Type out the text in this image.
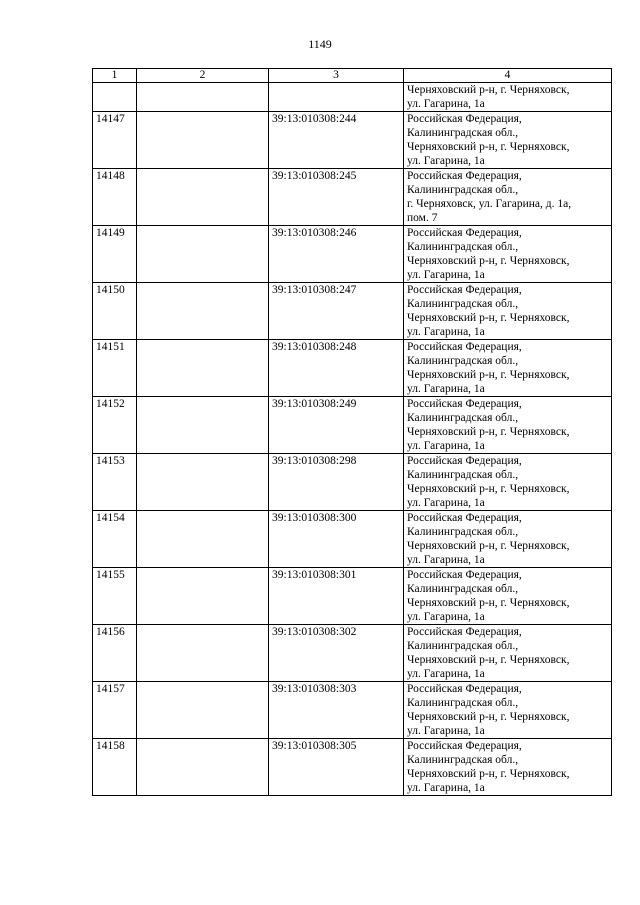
1149
1	2	3	4

			Черняховский р-н, г. Черняховск,
ул. Гагарина, 1а

14147		39:13:010308:244	Российская Федерация,
Калининградская обл.,
Черняховский р-н, г. Черняховск,
ул. Гагарина, 1а

14148		39:13:010308:245	Российская Федерация,
Калининградская обл.,
г. Черняховск, ул. Гагарина, д. 1а,
пом. 7

14149		39:13:010308:246	Российская Федерация,
Калининградская обл.,
Черняховский р-н, г. Черняховск,
ул. Гагарина, 1а

14150		39:13:010308:247	Российская Федерация,
Калининградская обл.,
Черняховский р-н, г. Черняховск,
ул. Гагарина, 1а

14151		39:13:010308:248	Российская Федерация,
Калининградская обл.,
Черняховский р-н, г. Черняховск,
ул. Гагарина, 1а

14152		39:13:010308:249	Российская Федерация,
Калининградская обл.,
Черняховский р-н, г. Черняховск,
ул. Гагарина, 1а

14153		39:13:010308:298	Российская Федерация,
Калининградская обл.,
Черняховский р-н, г. Черняховск,
ул. Гагарина, 1а

14154		39:13:010308:300	Российская Федерация,
Калининградская обл.,
Черняховский р-н, г. Черняховск,
ул. Гагарина, 1а

14155		39:13:010308:301	Российская Федерация,
Калининградская обл.,
Черняховский р-н, г. Черняховск,
ул. Гагарина, 1а

14156		39:13:010308:302	Российская Федерация,
Калининградская обл.,
Черняховский р-н, г. Черняховск,
ул. Гагарина, 1а

14157		39:13:010308:303	Российская Федерация,
Калининградская обл.,
Черняховский р-н, г. Черняховск,
ул. Гагарина, 1а

14158		39:13:010308:305	Российская Федерация,
Калининградская обл.,
Черняховский р-н, г. Черняховск,
ул. Гагарина, 1а
